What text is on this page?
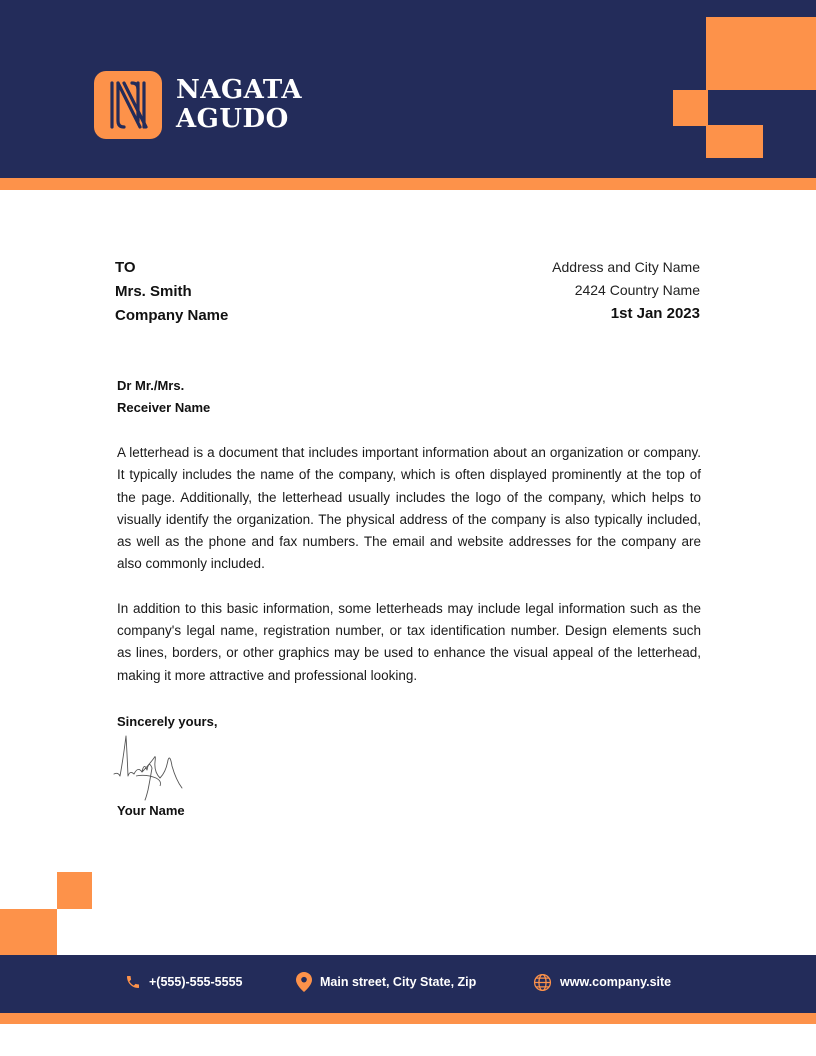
NAGATA
AGUDO
TO
Mrs. Smith
Company Name
Address and City Name
2424 Country Name
1st Jan 2023
Dr Mr./Mrs.
Receiver Name

A letterhead is a document that includes important information about an organization or company. It typically includes the name of the company, which is often displayed prominently at the top of the page. Additionally, the letterhead usually includes the logo of the company, which helps to visually identify the organization. The physical address of the company is also typically included, as well as the phone and fax numbers. The email and website addresses for the company are also commonly included.

In addition to this basic information, some letterheads may include legal information such as the company's legal name, registration number, or tax identification number. Design elements such as lines, borders, or other graphics may be used to enhance the visual appeal of the letterhead, making it more attractive and professional looking.

Sincerely yours,
Your Name
+(555)-555-5555	Main street, City State, Zip	www.company.site
